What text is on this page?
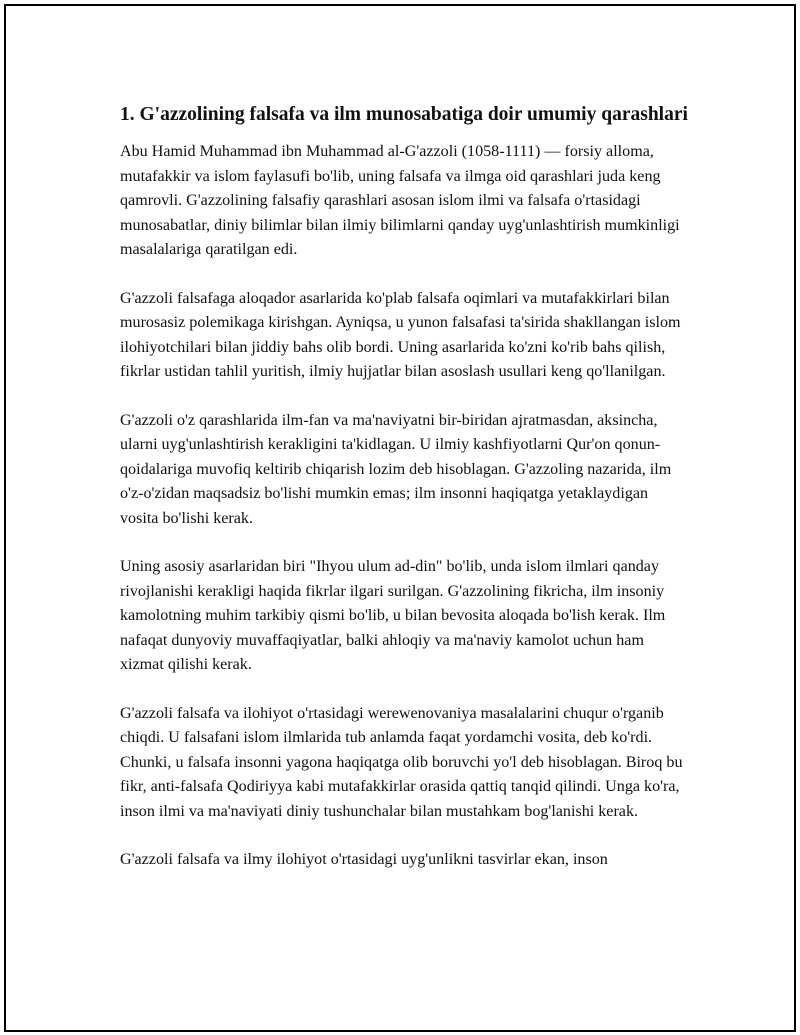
1. G'azzolining falsafa va ilm munosabatiga doir umumiy qarashlari

Abu Hamid Muhammad ibn Muhammad al-G'azzoli (1058-1111) — forsiy alloma, mutafakkir va islom faylasufi bo'lib, uning falsafa va ilmga oid qarashlari juda keng qamrovli. G'azzolining falsafiy qarashlari asosan islom ilmi va falsafa o'rtasidagi munosabatlar, diniy bilimlar bilan ilmiy bilimlarni qanday uyg'unlashtirish mumkinligi masalalariga qaratilgan edi.

G'azzoli falsafaga aloqador asarlarida ko'plab falsafa oqimlari va mutafakkirlari bilan murosasiz polemikaga kirishgan. Ayniqsa, u yunon falsafasi ta'sirida shakllangan islom ilohiyotchilari bilan jiddiy bahs olib bordi. Uning asarlarida ko'zni ko'rib bahs qilish, fikrlar ustidan tahlil yuritish, ilmiy hujjatlar bilan asoslash usullari keng qo'llanilgan.

G'azzoli o'z qarashlarida ilm-fan va ma'naviyatni bir-biridan ajratmasdan, aksincha, ularni uyg'unlashtirish kerakligini ta'kidlagan. U ilmiy kashfiyotlarni Qur'on qonun-qoidalariga muvofiq keltirib chiqarish lozim deb hisoblagan. G'azzoling nazarida, ilm o'z-o'zidan maqsadsiz bo'lishi mumkin emas; ilm insonni haqiqatga yetaklaydigan vosita bo'lishi kerak.

Uning asosiy asarlaridan biri "Ihyou ulum ad-din" bo'lib, unda islom ilmlari qanday rivojlanishi kerakligi haqida fikrlar ilgari surilgan. G'azzolining fikricha, ilm insoniy kamolotning muhim tarkibiy qismi bo'lib, u bilan bevosita aloqada bo'lish kerak. Ilm nafaqat dunyoviy muvaffaqiyatlar, balki ahloqiy va ma'naviy kamolot uchun ham xizmat qilishi kerak.

G'azzoli falsafa va ilohiyot o'rtasidagi werewenovaniya masalalarini chuqur o'rganib chiqdi. U falsafani islom ilmlarida tub anlamda faqat yordamchi vosita, deb ko'rdi. Chunki, u falsafa insonni yagona haqiqatga olib boruvchi yo'l deb hisoblagan. Biroq bu fikr, anti-falsafa Qodiriyya kabi mutafakkirlar orasida qattiq tanqid qilindi. Unga ko'ra, inson ilmi va ma'naviyati diniy tushunchalar bilan mustahkam bog'lanishi kerak.

G'azzoli falsafa va ilmy ilohiyot o'rtasidagi uyg'unlikni tasvirlar ekan, inson
